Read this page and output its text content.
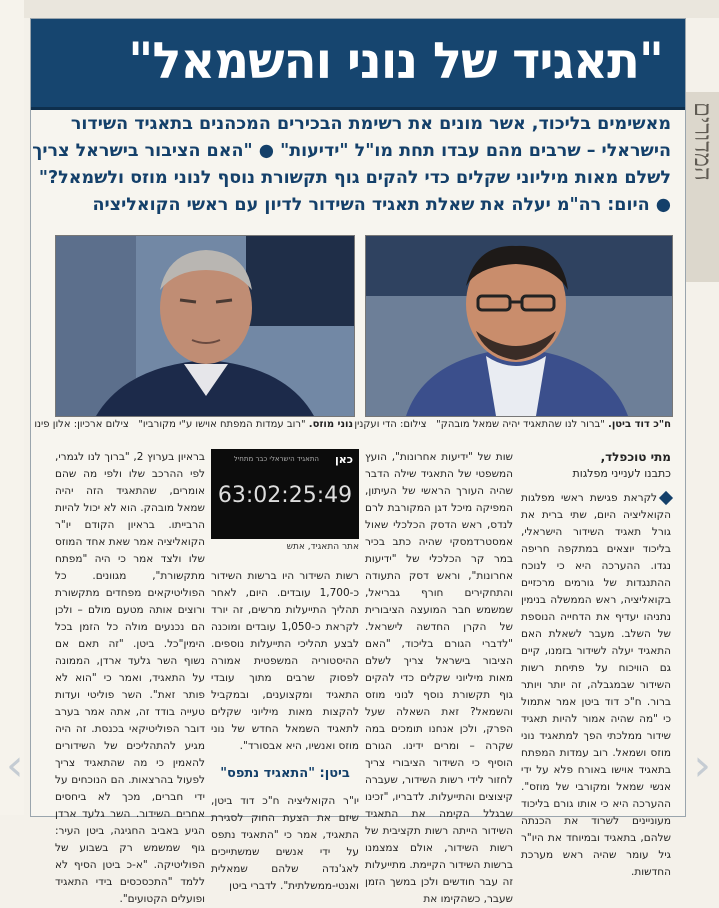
המדורים
"תאגיד של נוני והשמאל"

מאשימים בליכוד, אשר מונים את רשימת הבכירים המכהנים בתאגיד השידור

הישראלי – שרבים מהם עבדו תחת מו"ל "ידיעות" ● "האם הציבור בישראל צריך

לשלם מאות מיליוני שקלים כדי להקים גוף תקשורת נוסף לנוני מוזס ולשמאל?"

● היום: רה"מ יעלה את שאלת תאגיד השידור לדיון עם ראשי הקואליציה

ח"כ דוד ביטן. "ברור לנו שהתאגיד יהיה שמאל מובהק"   צילום: הדי ועקנין
נוני מוזס. "רוב עמדות המפתח אוישו ע"י מקורביו"   צילום ארכיון: אלון פינו
מתי טוכפלד,
כתבנו לענייני מפלגות

לקראת פגישת ראשי מפלגות הקואליציה היום, שתי ברית את גורל תאגיד השידור הישראלי, בליכוד יוצאים במתקפה חריפה נגדו. ההערכה היא כי לנוכח ההתנגדות של גורמים מרכזיים בקואליציה, ראש הממשלה בנימין נתניהו יעדיף את הדחייה הנוספת של השלב. מעבר לשאלת האם התאגיד יעלה לשידור בזמנו, קיים גם הוויכוח על פתיחת רשות השידור שבמגבלה, זה יותר ויותר ברור. ח"כ דוד ביטן אמר אתמול כי "מה שהיה אמור להיות תאגיד שידור ממלכתי הפך למתאגיד נוני מוזס ושמאל. רוב עמדות המפתח בתאגיד אוישו באורח פלא על ידי אנשי שמאל ומקורבי של מוזס". ההערכה היא כי אותו גורם בליכוד מעוניינים לשרוד את הכנתה שלהם, בתאגיד ובמיוחד את היו"ר גיל עומר שהיה ראש מערכת החדשות.

שות של "ידיעות אחרונות", הועץ המשפטי של התאגיד שילה הדבר שהיה העורך הראשי של העיתון, המפיקה מיכל דגן המקורבת לרם לנדס, ראש הדסק הכלכלי שאול אמסטרדמסקי שהיה כתב בכיר במר קר הכלכלי של "ידיעות אחרונות", וראש דסק התעודה והתחקירים חורף גבריאל, שמשמש חבר המועצה הציבורית של הקרן החדשה לישראל. "לדברי הגורם בליכוד, "האם הציבור בישראל צריך לשלם מאות מיליוני שקלים כדי להקים גוף תקשורת נוסף לנוני מוזס והשמאל? זאת השאלה שעל הפרק, ולכן אנחנו תומכים במה שקרה – ומרים ידינו. הגורם הוסיף כי השידור הציבורי צריך לחזור לידי רשות השידור, שעברה קיצוצים והתייעלות. לדבריו, "זכינו שבגלל הקימה את התאגיד השידור הייתה רשות תקציבית של רשות השידור, אולם צמצמנו ברשות השידור הקיימת. מתייעלות זה עבר חודשים ולכן במשך הזמן שעבר, כשהקימו את

כאן
התאגיד הישראלי כבר מתחיל
63:02:25:49
אתר התאגיד, אתש

רשות השידור היו ברשות השידור כ-1,700 עובדים. היום, לאחר תהליך התייעלות מרשים, זה יורד לקראת כ-1,050 עובדים ומוכנה לבצע תהליכי התייעלות נוספים. ההיסטוריה המשפטית אמורה לפסוק שרבים מתוך עובדי התאגיד ומקצוענים, ובמקביל להקצות מאות מיליוני שקלים לתאגיד השמאל החדש של נוני מוזס ואנשיו, היא אבסורד".

ביטן: "התאגיד נתפס"

יו"ר הקואליציה ח"כ דוד ביטן, שיזם את הצעת החוק לסגירת התאגיד, אמר כי "התאגיד נתפס על ידי אנשים שמשתייכים לאג'נדה שלהם שמאלית ואנטי-ממשלתית". לדברי ביטן

בראיון בערוץ 2, "ברוך לנו לגמרי, לפי ההרכב שלו ולפי מה שהם אומרים, שהתאגיד הזה יהיה שמאל מובהק. הוא לא יכול להיות הרבייתו. בראיון הקודם יו"ר הקואליציה אמר שאת אחד המוזס שלו ולצד אמר כי היה "מפתח מתקשורת", מגוונים. כל הפוליטיקאים מפחדים מתקשורת ורוצים אותה מטעם מולם – ולכן הם נכנעים מולה כל הזמן בכל הימין"כל. ביטן. "זה תאם אם נשוף השר גלעד ארדן, הממונה על התאגיד, ואמר כי "הוא לא פותר זאת". השר פוליטי ועדות טעייה בודד זה, אתה אמר בערב דובר הפוליטיקאי בכנסת. זה היה מגיע להתהליכים של השידורים להאמין כי מה שהתאגיד צריך לפעול בהרצאות. הם הנוכחים על ידי חברים, מכך לא ביחסים אחרים השידור. השר גלעד ארדן הגיע באביב החגיגה, ביטן העיר: גוף שמשמש רק בשבוע של הפוליטיקה. "א-כ ביטן הסיף לא ללמד "התכסכסים בידי התאגיד ופועלים הקטועים".

‹	›
